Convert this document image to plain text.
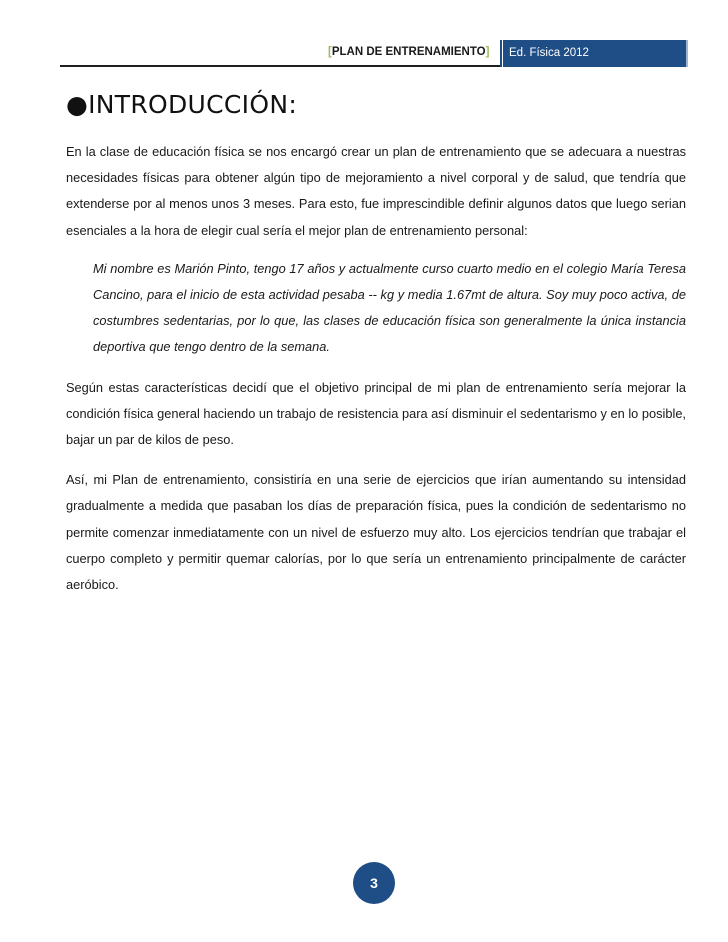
[PLAN DE ENTRENAMIENTO]	Ed. Física 2012
●INTRODUCCIÓN:

En la clase de educación física se nos encargó crear un plan de entrenamiento que se adecuara a nuestras necesidades físicas para obtener algún tipo de mejoramiento a nivel corporal y de salud, que tendría que extenderse por al menos unos 3 meses. Para esto, fue imprescindible definir algunos datos que luego serian esenciales a la hora de elegir cual sería el mejor plan de entrenamiento personal:

Mi nombre es Marión Pinto, tengo 17 años y actualmente curso cuarto medio en el colegio María Teresa Cancino, para el inicio de esta actividad pesaba -- kg y media 1.67mt de altura. Soy muy poco activa, de costumbres sedentarias, por lo que, las clases de educación física son generalmente la única instancia deportiva que tengo dentro de la semana.

Según estas características decidí que el objetivo principal de mi plan de entrenamiento sería mejorar la condición física general haciendo un trabajo de resistencia para así disminuir el sedentarismo y en lo posible, bajar un par de kilos de peso.

Así, mi Plan de entrenamiento, consistiría en una serie de ejercicios que irían aumentando su intensidad gradualmente a medida que pasaban los días de preparación física, pues la condición de sedentarismo no permite comenzar inmediatamente con un nivel de esfuerzo muy alto. Los ejercicios tendrían que trabajar el cuerpo completo y permitir quemar calorías, por lo que sería un entrenamiento principalmente de carácter aeróbico.

3
